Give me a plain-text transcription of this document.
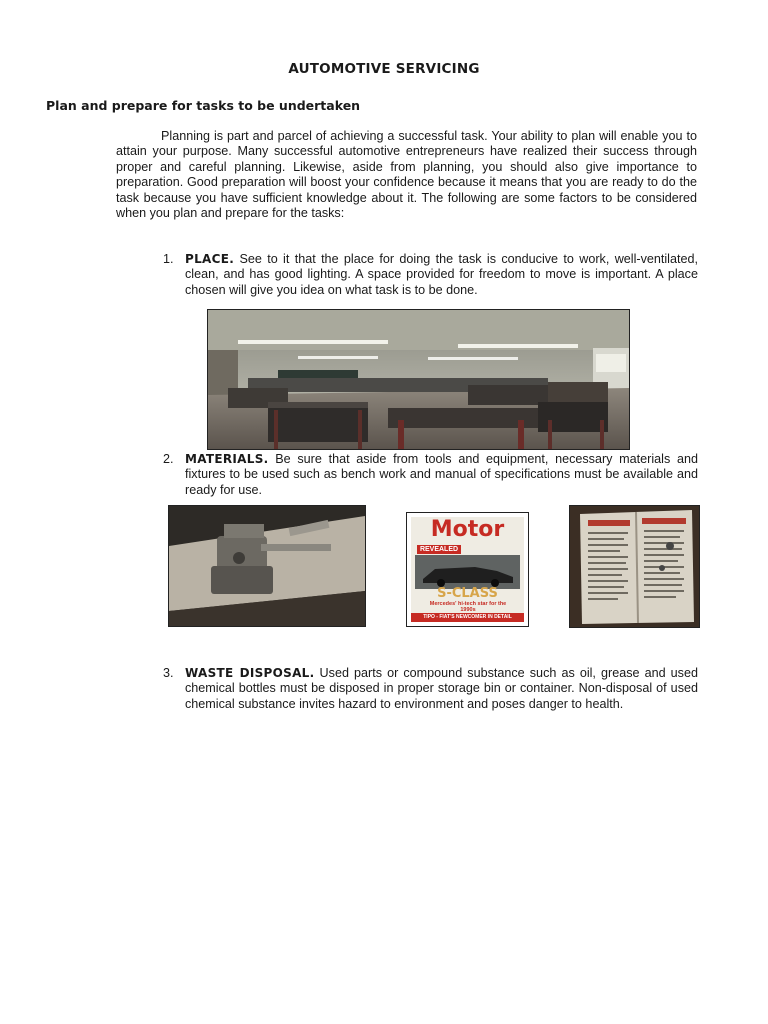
AUTOMOTIVE SERVICING
Plan and prepare for tasks to be undertaken

Planning is part and parcel of achieving a successful task. Your ability to plan will enable you to attain your purpose. Many successful automotive entrepreneurs have realized their success through proper and careful planning. Likewise, aside from planning, you should also give importance to preparation. Good preparation will boost your confidence because it means that you are ready to do the task because you have sufficient knowledge about it. The following are some factors to be considered when you plan and prepare for the tasks:

1. PLACE. See to it that the place for doing the task is conducive to work, well-ventilated, clean, and has good lighting. A space provided for freedom to move is important. A place chosen will give you idea on what task is to be done.
2. MATERIALS. Be sure that aside from tools and equipment, necessary materials and fixtures to be used such as bench work and manual of specifications must be available and ready for use.
Motor
REVEALED
S-CLASS
Mercedes' hi-tech star for the 1990s
TIPO - FIAT'S NEWCOMER IN DETAIL
3. WASTE DISPOSAL. Used parts or compound substance such as oil, grease and used chemical bottles must be disposed in proper storage bin or container. Non-disposal of used chemical substance invites hazard to environment and poses danger to health.
